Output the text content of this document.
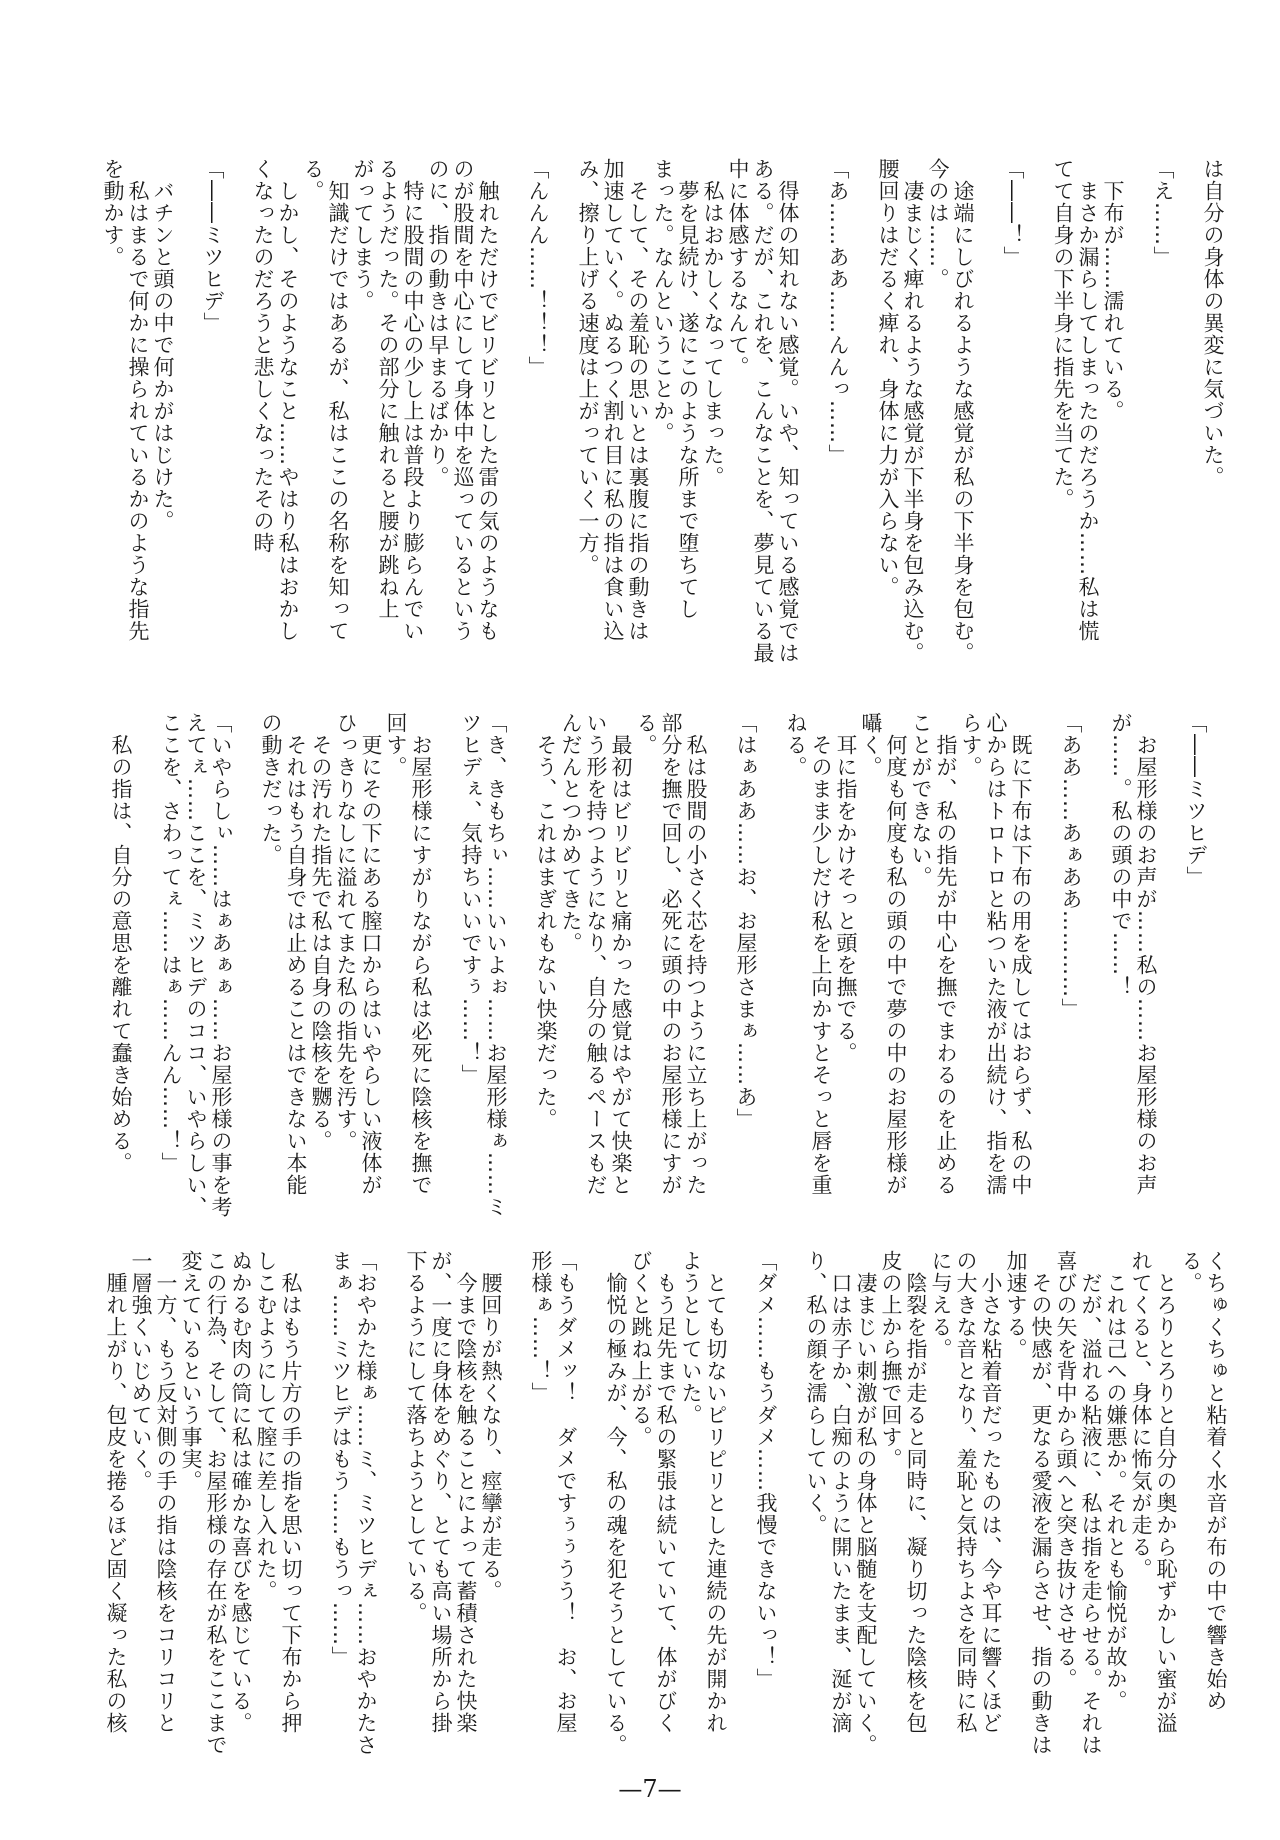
は自分の身体の異変に気づいた。

「え……」

　下布が……濡れている。
　まさか漏らしてしまったのだろうか……私は慌
てて自身の下半身に指先を当てた。

「――！」

　途端にしびれるような感覚が私の下半身を包む。
今のは……。
　凄まじく痺れるような感覚が下半身を包み込む。
腰回りはだるく痺れ、身体に力が入らない。

「あ……ああ……んんっ……」

　得体の知れない感覚。いや、知っている感覚では
ある。だが、これを、こんなことを、夢見ている最
中に体感するなんて。
　私はおかしくなってしまった。
　夢を見続け、遂にこのような所まで堕ちてし
まった。なんということか。
　そして、その羞恥の思いとは裏腹に指の動きは
加速していく。ぬるつく割れ目に私の指は食い込
み、擦り上げる速度は上がっていく一方。

「んんん……！！！」

　触れただけでビリビリとした雷の気のようなも
のが股間を中心にして身体中を巡っているという
のに、指の動きは早まるばかり。
　特に股間の中心の少し上は普段より膨らんでい
るようだった。その部分に触れると腰が跳ね上
がってしまう。
　知識だけではあるが、私はここの名称を知って
る。
　しかし、そのようなこと……やはり私はおかし
くなったのだろうと悲しくなったその時

「――ミツヒデ」

　バチンと頭の中で何かがはじけた。
　私はまるで何かに操られているかのような指先
を動かす。
「――ミツヒデ」

　お屋形様のお声が……私の……お屋形様のお声
が……。私の頭の中で……！

「ああ……あぁああ…………」

　既に下布は下布の用を成してはおらず、私の中
心からはトロトロと粘ついた液が出続け、指を濡
らす。
　指が、私の指先が中心を撫でまわるのを止める
ことができない。
　何度も何度も私の頭の中で夢の中のお屋形様が
囁く。
　耳に指をかけそっと頭を撫でる。
　そのまま少しだけ私を上向かすとそっと唇を重
ねる。

「はぁああ……お、お屋形さまぁ……あ」

　私は股間の小さく芯を持つように立ち上がった
部分を撫で回し、必死に頭の中のお屋形様にすが
る。
　最初はビリビリと痛かった感覚はやがて快楽と
いう形を持つようになり、自分の触るペースもだ
んだんとつかめてきた。
　そう、これはまぎれもない快楽だった。

「き、きもちぃ……いいよぉ……お屋形様ぁ……ミ
ツヒデぇ、気持ちいいですぅ……！」

　お屋形様にすがりながら私は必死に陰核を撫で
回す。
　更にその下にある膣口からはいやらしい液体が
ひっきりなしに溢れてまた私の指先を汚す。
　その汚れた指先で私は自身の陰核を嬲る。
　それはもう自身では止めることはできない本能
の動きだった。

「いやらしぃ……はぁあぁぁ……お屋形様の事を考
えてぇ……ここを、ミツヒデのココ、いやらしい、
ここを、さわってぇ……はぁ……んん……！」

　私の指は、自分の意思を離れて蠢き始める。
くちゅくちゅと粘着く水音が布の中で響き始め
る。
　とろりとろりと自分の奥から恥ずかしい蜜が溢
れてくると、身体に怖気が走る。
　これは己への嫌悪か。それとも愉悦が故か。
　だが、溢れる粘液に、私は指を走らせる。それは
喜びの矢を背中から頭へと突き抜けさせる。
　その快感が、更なる愛液を漏らさせ、指の動きは
加速する。
　小さな粘着音だったものは、今や耳に響くほど
の大きな音となり、羞恥と気持ちよさを同時に私
に与える。
　陰裂を指が走ると同時に、凝り切った陰核を包
皮の上から撫で回す。
　凄まじい刺激が私の身体と脳髄を支配していく。
　口は赤子か、白痴のように開いたまま、涎が滴
り、私の顔を濡らしていく。

「ダメ……もうダメ……我慢できないっ！」

　とても切ないピリピリとした連続の先が開かれ
ようとしていた。
　もう足先まで私の緊張は続いていて、体がびく
びくと跳ね上がる。
　愉悦の極みが、今、私の魂を犯そうとしている。

「もうダメッ！　ダメですぅぅうう！　お、お屋
形様ぁ……！」

　腰回りが熱くなり、痙攣が走る。
　今まで陰核を触ることによって蓄積された快楽
が、一度に身体をめぐり、とても高い場所から掛
下るようにして落ちようとしている。

「おやかた様ぁ……ミ、ミツヒデぇ……おやかたさ
まぁ……ミツヒデはもう……もうっ……」

　私はもう片方の手の指を思い切って下布から押
しこむようにして膣に差し入れた。
ぬかるむ肉の筒に私は確かな喜びを感じている。
この行為、そして、お屋形様の存在が私をここまで
変えているという事実。
　一方、もう反対側の手の指は陰核をコリコリと
一層強くいじめていく。
　腫れ上がり、包皮を捲るほど固く凝った私の核
—7—
